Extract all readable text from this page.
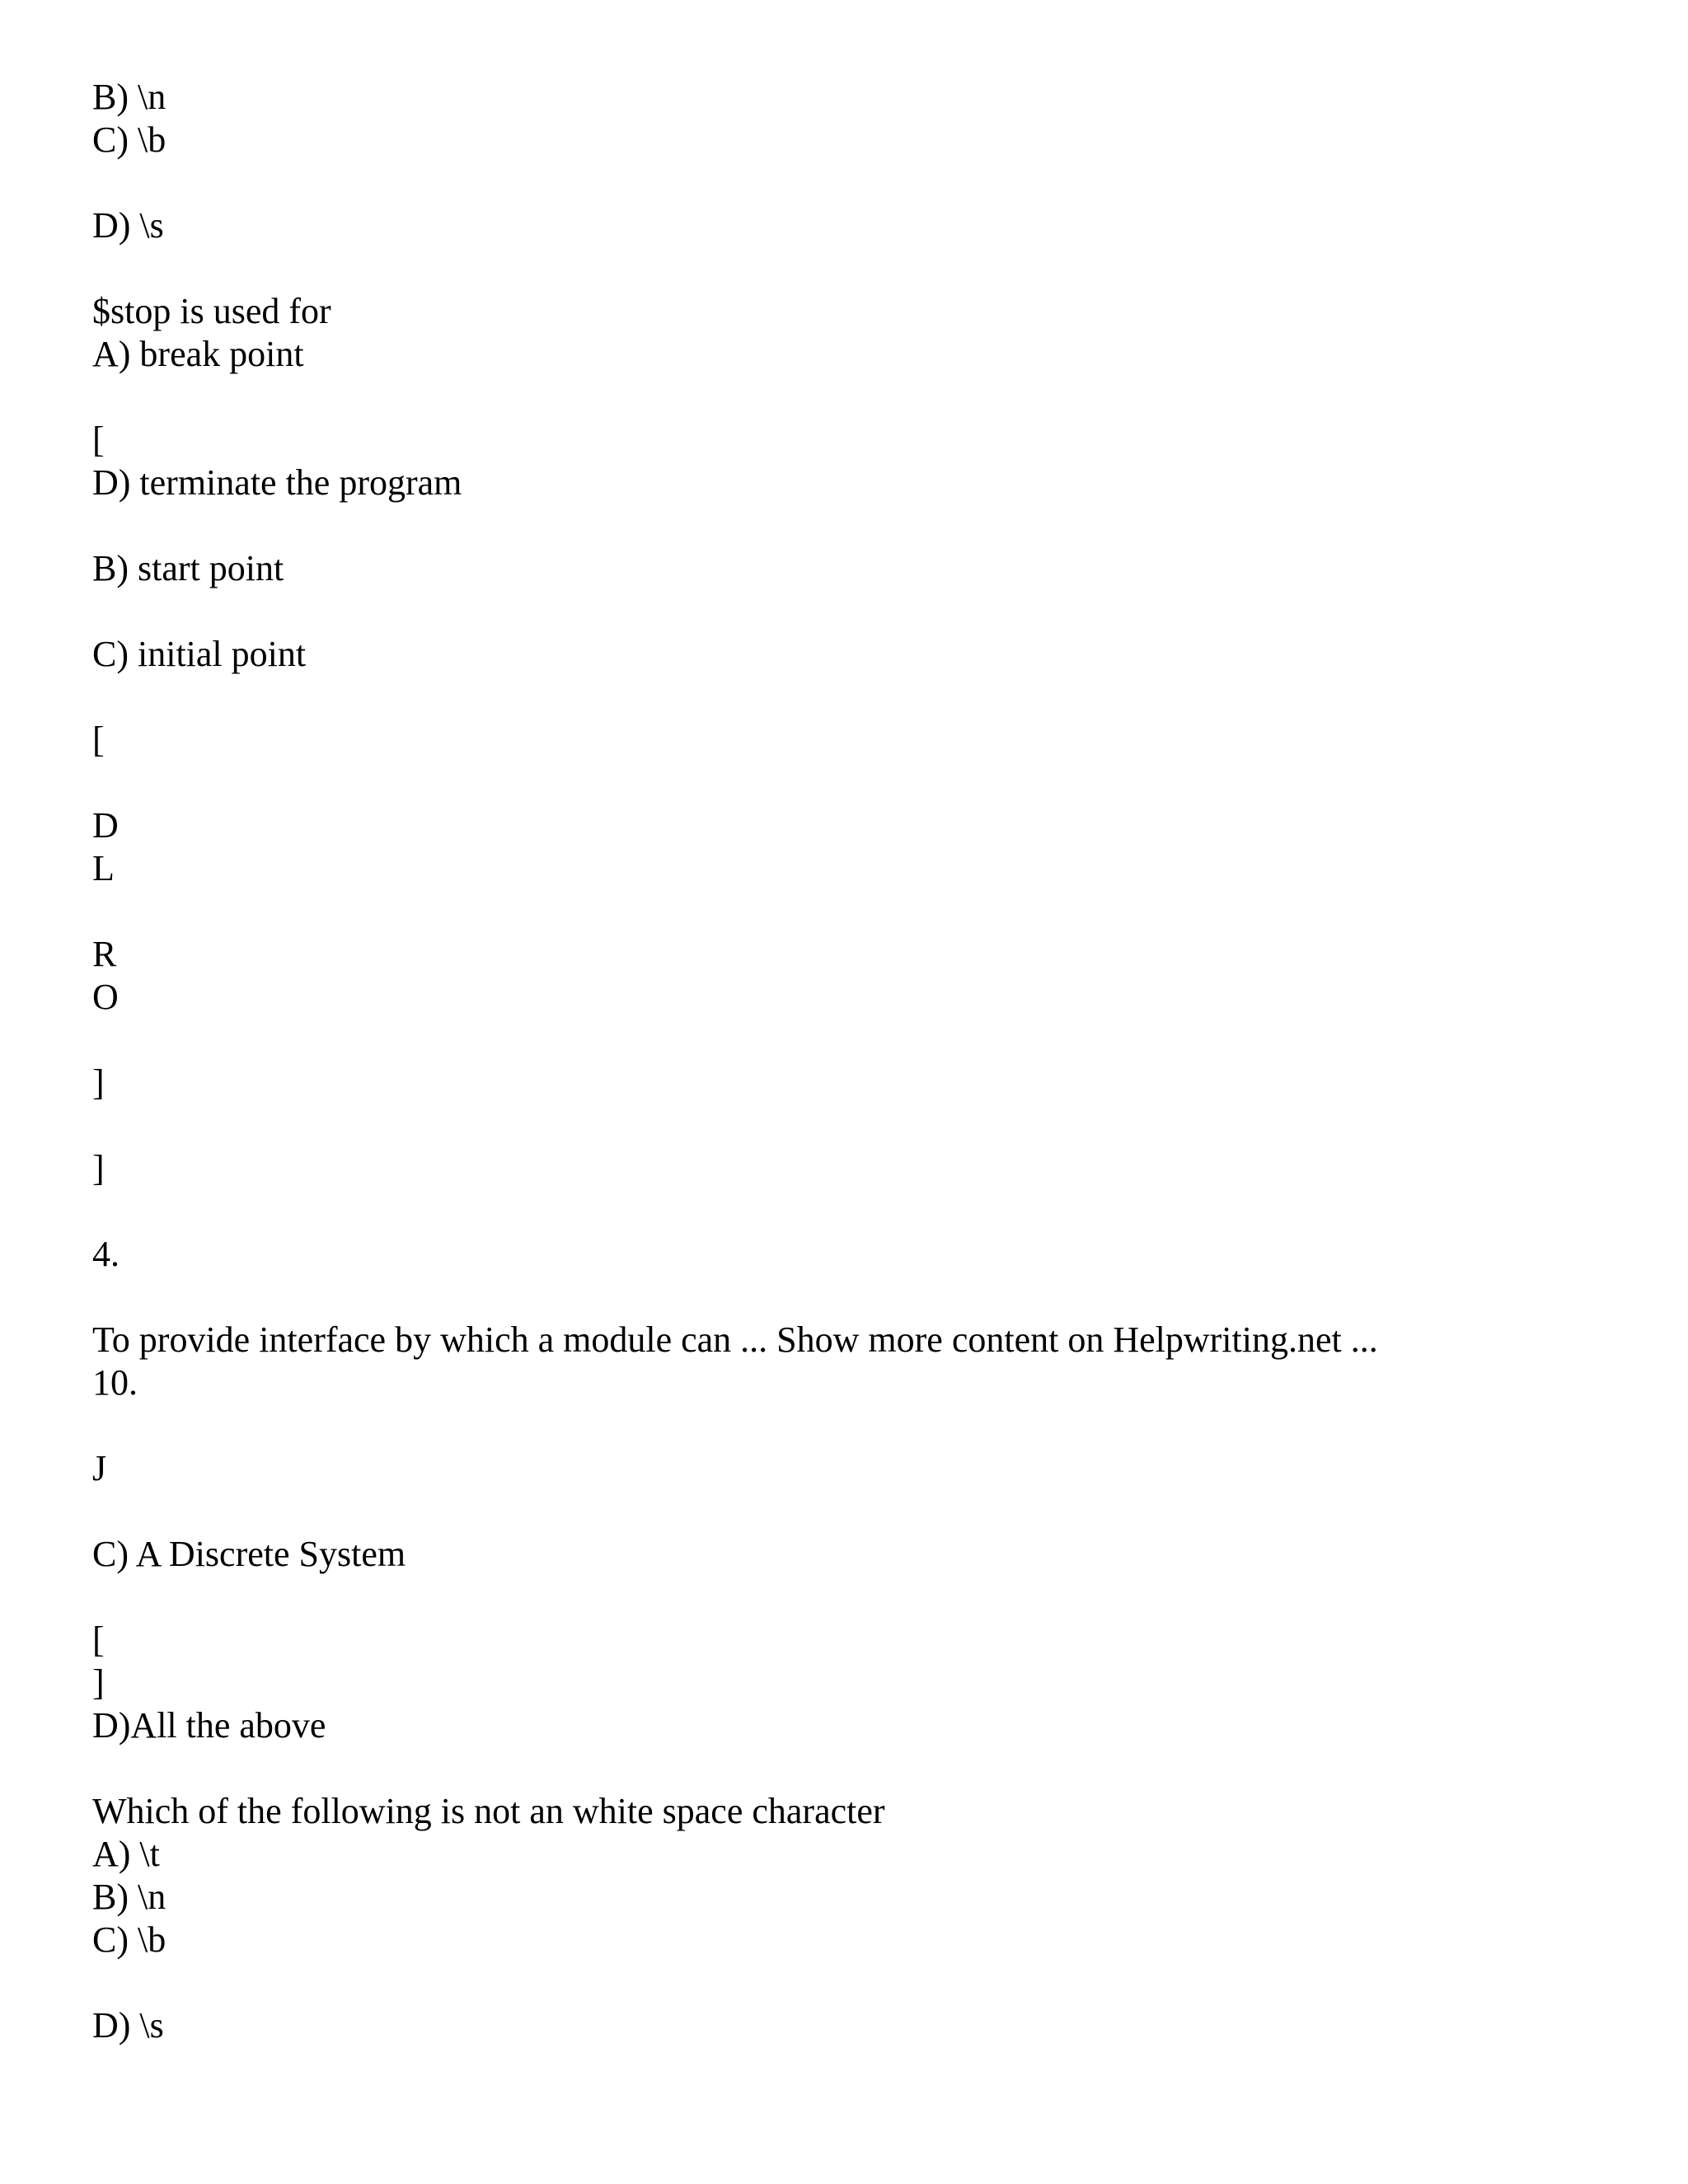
B) \n

C) \b

D) \s

$stop is used for

A) break point

[

D) terminate the program

B) start point

C) initial point

[

D

L

R

O

]

]

4.

To provide interface by which a module can ... Show more content on Helpwriting.net ...

10.

J

C) A Discrete System

[

]

D)All the above

Which of the following is not an white space character

A) \t

B) \n

C) \b

D) \s
